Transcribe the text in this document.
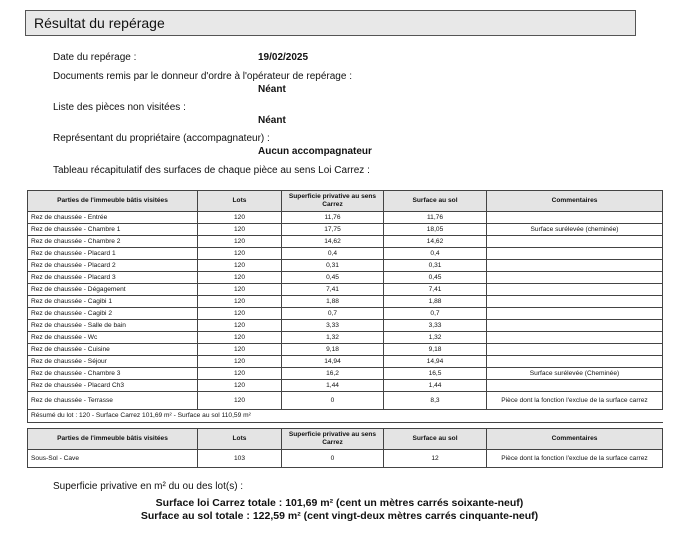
Résultat du repérage
Date du repérage :	19/02/2025
Documents remis par le donneur d'ordre à l'opérateur de repérage :
Néant
Liste des pièces non visitées :
Néant
Représentant du propriétaire (accompagnateur) :
Aucun accompagnateur
Tableau récapitulatif des surfaces de chaque pièce au sens Loi Carrez :
Parties de l'immeuble bâtis visitées	Lots	Superficie privative au sens Carrez	Surface au sol	Commentaires
Rez de chaussée - Entrée	120	11,76	11,76	
Rez de chaussée - Chambre 1	120	17,75	18,05	Surface surélevée (cheminée)
Rez de chaussée - Chambre 2	120	14,62	14,62	
Rez de chaussée - Placard 1	120	0,4	0,4	
Rez de chaussée - Placard 2	120	0,31	0,31	
Rez de chaussée - Placard 3	120	0,45	0,45	
Rez de chaussée - Dégagement	120	7,41	7,41	
Rez de chaussée - Cagibi 1	120	1,88	1,88	
Rez de chaussée - Cagibi 2	120	0,7	0,7	
Rez de chaussée - Salle de bain	120	3,33	3,33	
Rez de chaussée - Wc	120	1,32	1,32	
Rez de chaussée - Cuisine	120	9,18	9,18	
Rez de chaussée - Séjour	120	14,94	14,94	
Rez de chaussée - Chambre 3	120	16,2	16,5	Surface surélevée (Cheminée)
Rez de chaussée - Placard Ch3	120	1,44	1,44	
Rez de chaussée - Terrasse	120	0	8,3	Pièce dont la fonction l'exclue de la surface carrez
Résumé du lot : 120 - Surface Carrez 101,69 m² - Surface au sol 110,59 m²				
Parties de l'immeuble bâtis visitées	Lots	Superficie privative au sens Carrez	Surface au sol	Commentaires
Sous-Sol - Cave	103	0	12	Pièce dont la fonction l'exclue de la surface carrez
Superficie privative en m² du ou des lot(s) :
Surface loi Carrez totale : 101,69 m² (cent un mètres carrés soixante-neuf)
Surface au sol totale : 122,59 m² (cent vingt-deux mètres carrés cinquante-neuf)
